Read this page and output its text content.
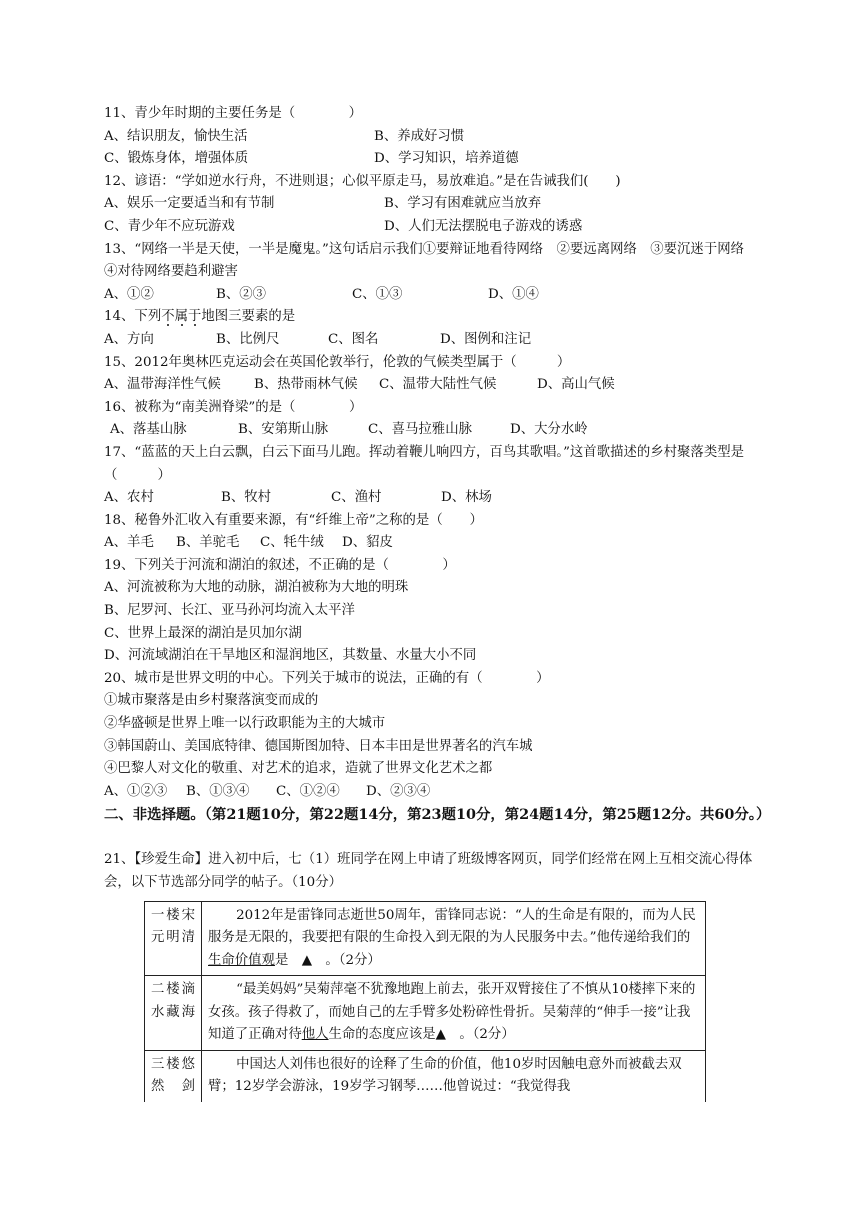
11、青少年时期的主要任务是（　　　　）
A、结识朋友，愉快生活	B、养成好习惯
C、锻炼身体，增强体质	D、学习知识，培养道德
12、谚语：“学如逆水行舟，不进则退；心似平原走马，易放难追。”是在告诫我们(　　)
A、娱乐一定要适当和有节制	B、学习有困难就应当放弃
C、青少年不应玩游戏	D、人们无法摆脱电子游戏的诱惑
13、“网络一半是天使，一半是魔鬼。”这句话启示我们①要辩证地看待网络　②要远离网络　③要沉迷于网络　　④对待网络要趋利避害
A、①②	B、②③	C、①③	D、①④
14、下列不属于地图三要素的是
A、方向	B、比例尺	C、图名	D、图例和注记
15、2012年奥林匹克运动会在英国伦敦举行，伦敦的气候类型属于（　　　）
A、温带海洋性气候	B、热带雨林气候	C、温带大陆性气候	D、高山气候
16、被称为“南美洲脊梁”的是（　　　　）
A、落基山脉	B、安第斯山脉	C、喜马拉雅山脉	D、大分水岭
17、“蓝蓝的天上白云飘，白云下面马儿跑。挥动着鞭儿响四方，百鸟其歌唱。”这首歌描述的乡村聚落类型是（　　　）
A、农村	B、牧村	C、渔村	D、林场
18、秘鲁外汇收入有重要来源，有“纤维上帝”之称的是（　　）
A、羊毛	B、羊驼毛	C、牦牛绒	D、貂皮
19、下列关于河流和湖泊的叙述，不正确的是（　　　　）
A、河流被称为大地的动脉，湖泊被称为大地的明珠
B、尼罗河、长江、亚马孙河均流入太平洋
C、世界上最深的湖泊是贝加尔湖
D、河流域湖泊在干旱地区和湿润地区，其数量、水量大小不同
20、城市是世界文明的中心。下列关于城市的说法，正确的有（　　　　）
①城市聚落是由乡村聚落演变而成的
②华盛顿是世界上唯一以行政职能为主的大城市
③韩国蔚山、美国底特律、德国斯图加特、日本丰田是世界著名的汽车城
④巴黎人对文化的敬重、对艺术的追求，造就了世界文化艺术之都
A、①②③	B、①③④	C、①②④	D、②③④
二、非选择题。（第21题10分，第22题14分，第23题10分，第24题14分，第25题12分。共60分。）
21、【珍爱生命】进入初中后，七（1）班同学在网上申请了班级博客网页，同学们经常在网上互相交流心得体会，以下节选部分同学的帖子。（10分）
一楼宋元明清	2012年是雷锋同志逝世50周年，雷锋同志说：“人的生命是有限的，而为人民服务是无限的，我要把有限的生命投入到无限的为人民服务中去。”他传递给我们的生命价值观是　▲　。（2分）
二楼滴水藏海	“最美妈妈”吴菊萍毫不犹豫地跑上前去，张开双臂接住了不慎从10楼摔下来的女孩。孩子得救了，而她自己的左手臂多处粉碎性骨折。吴菊萍的“伸手一接”让我知道了正确对待他人生命的态度应该是▲　。（2分）
三楼悠然剑	中国达人刘伟也很好的诠释了生命的价值，他10岁时因触电意外而被截去双臂；12岁学会游泳，19岁学习钢琴……他曾说过：“我觉得我
